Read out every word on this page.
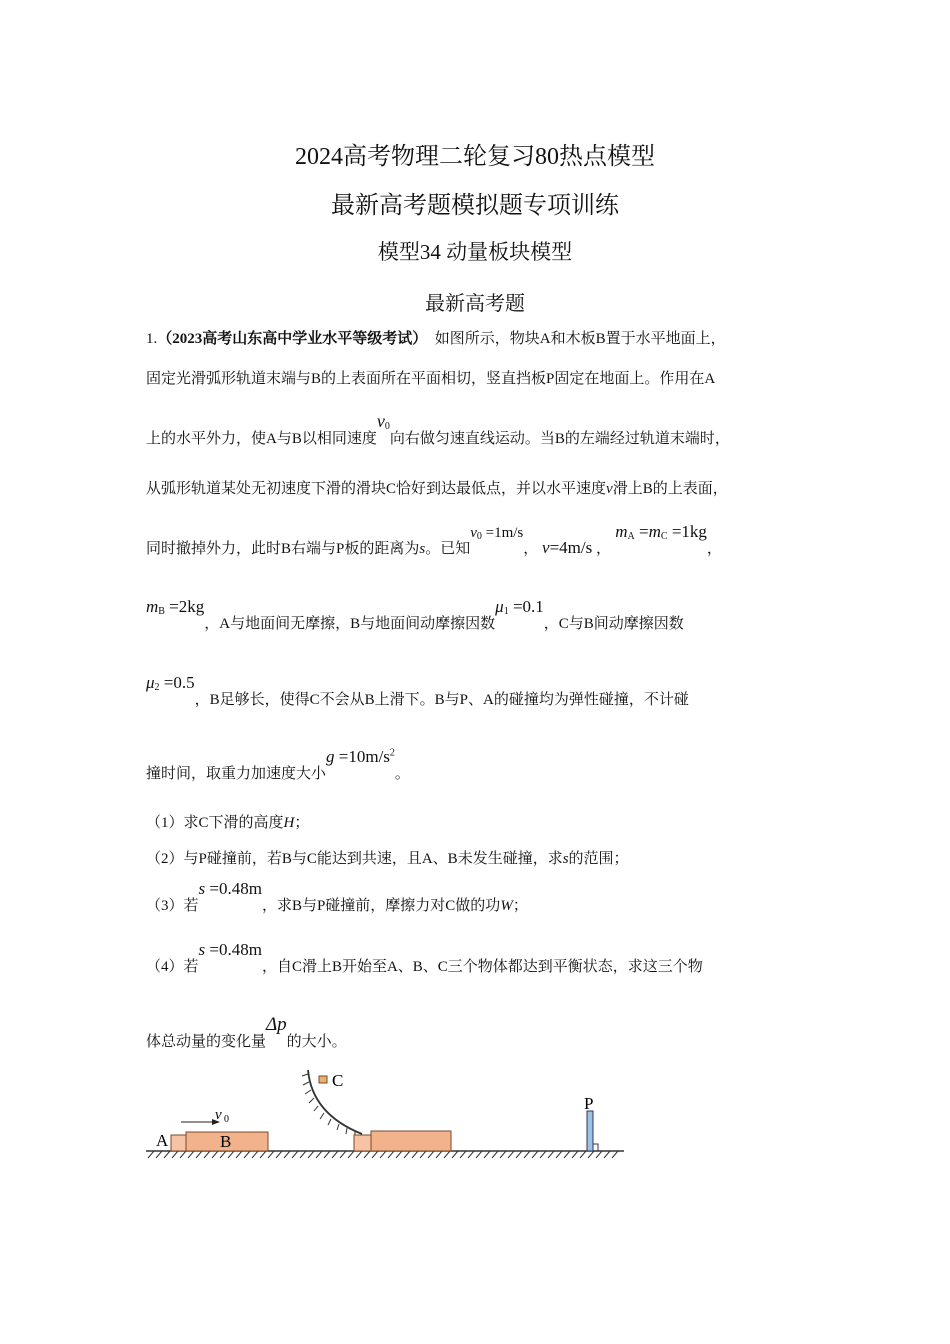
2024高考物理二轮复习80热点模型
最新高考题模拟题专项训练
模型34 动量板块模型
最新高考题
1.（2023高考山东高中学业水平等级考试） 如图所示，物块A和木板B置于水平地面上，
固定光滑弧形轨道末端与B的上表面所在平面相切，竖直挡板P固定在地面上。作用在A
上的水平外力，使A与B以相同速度$v_0$向右做匀速直线运动。当B的左端经过轨道末端时，
从弧形轨道某处无初速度下滑的滑块C恰好到达最低点，并以水平速度v滑上B的上表面，
同时撤掉外力，此时B右端与P板的距离为s。已知$v_0 =1m/s$， v=4m/s ， $m_A =m_C =1kg$，
$m_B =2kg$，A与地面间无摩擦，B与地面间动摩擦因数$\mu_1 =0.1$，C与B间动摩擦因数
$\mu_2 =0.5$，B足够长，使得C不会从B上滑下。B与P、A的碰撞均为弹性碰撞，不计碰
撞时间，取重力加速度大小$g =10m/s^2$。
（1）求C下滑的高度H；
（2）与P碰撞前，若B与C能达到共速，且A、B未发生碰撞，求s的范围；
（3）若s =0.48m，求B与P碰撞前，摩擦力对C做的功W；
（4）若s =0.48m，自C滑上B开始至A、B、C三个物体都达到平衡状态，求这三个物
体总动量的变化量Δp的大小。
A	B
v 0
C
P
